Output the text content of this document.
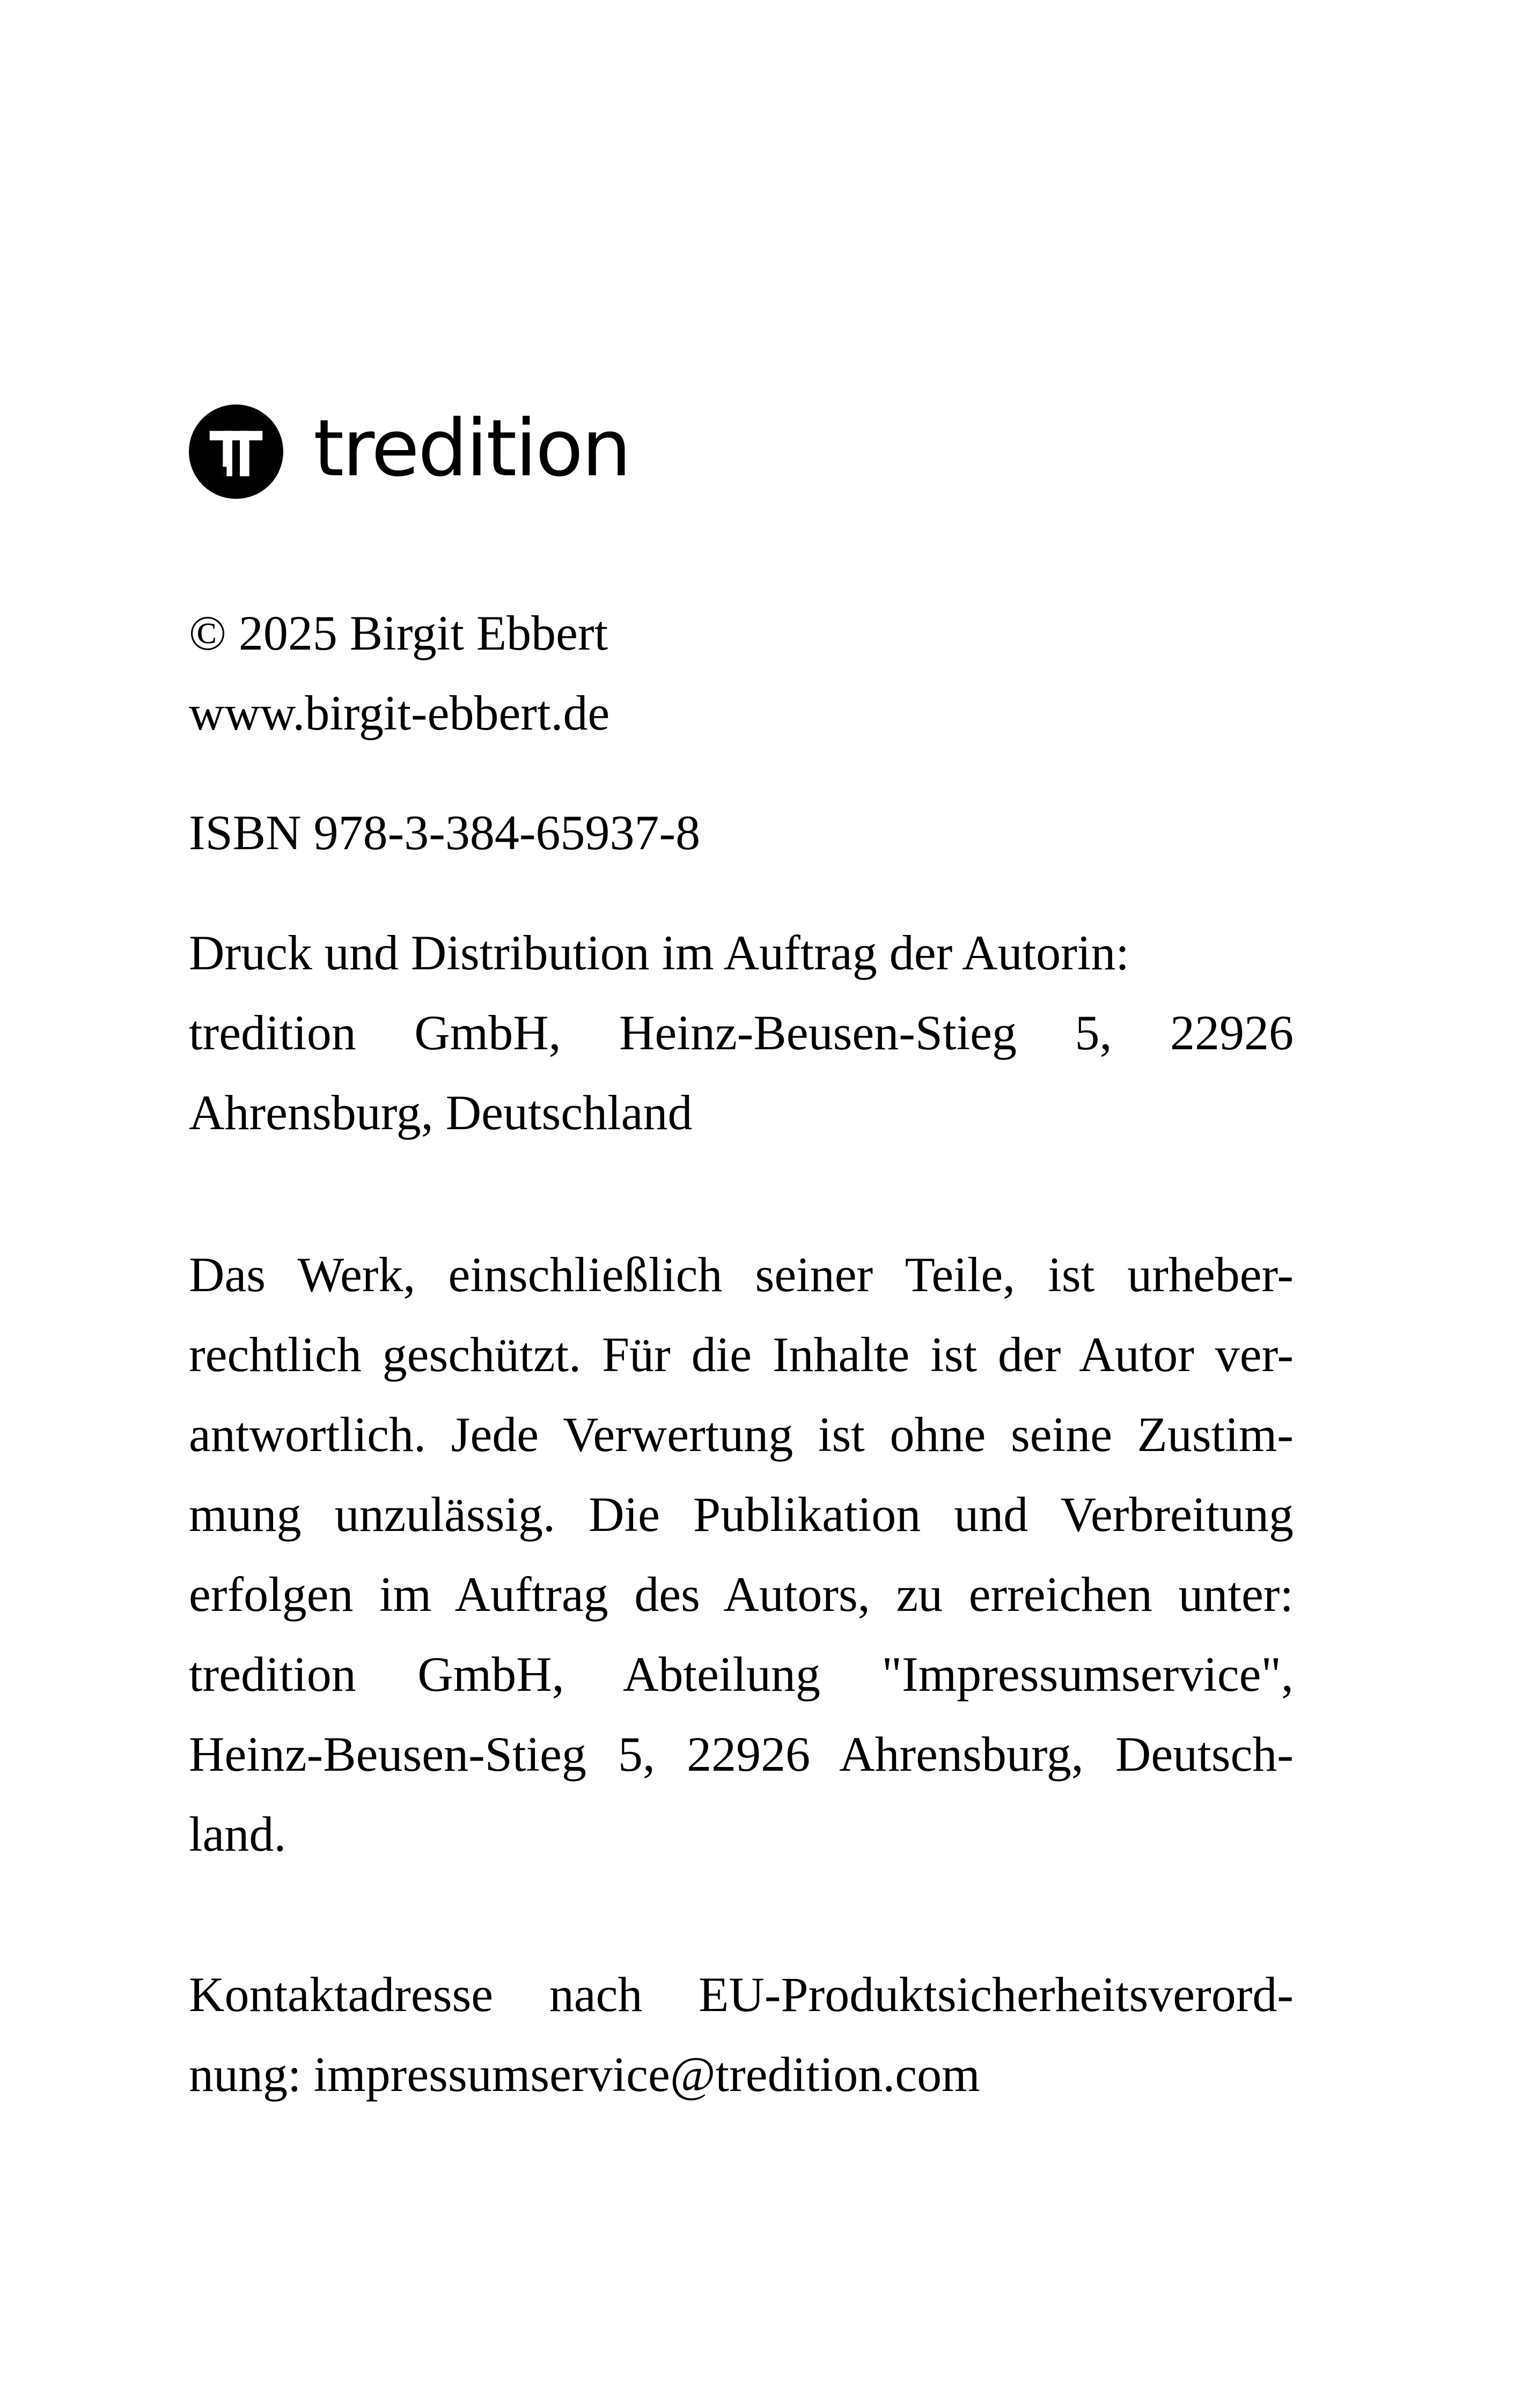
tredition
© 2025 Birgit Ebbert
www.birgit-ebbert.de
ISBN 978-3-384-65937-8
Druck und Distribution im Auftrag der Autorin:
tredition GmbH, Heinz-Beusen-Stieg 5, 22926
Ahrensburg, Deutschland
Das Werk, einschließlich seiner Teile, ist urheber-
rechtlich geschützt. Für die Inhalte ist der Autor ver-
antwortlich. Jede Verwertung ist ohne seine Zustim-
mung unzulässig. Die Publikation und Verbreitung
erfolgen im Auftrag des Autors, zu erreichen unter:
tredition GmbH, Abteilung "Impressumservice",
Heinz-Beusen-Stieg 5, 22926 Ahrensburg, Deutsch-
land.
Kontaktadresse nach EU-Produktsicherheitsverord-
nung: impressumservice@tredition.com
